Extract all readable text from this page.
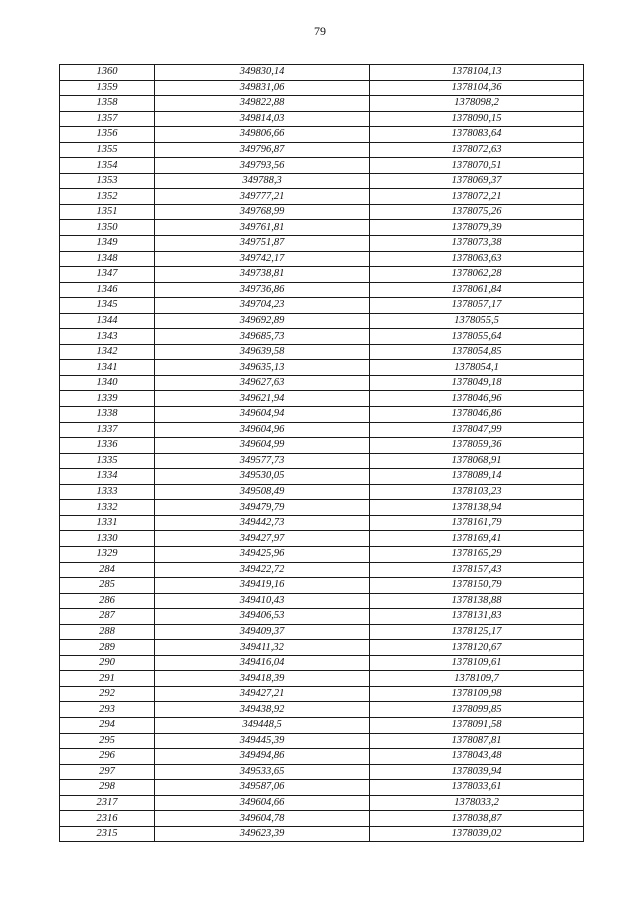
79
1360	349830,14	1378104,13
1359	349831,06	1378104,36
1358	349822,88	1378098,2
1357	349814,03	1378090,15
1356	349806,66	1378083,64
1355	349796,87	1378072,63
1354	349793,56	1378070,51
1353	349788,3	1378069,37
1352	349777,21	1378072,21
1351	349768,99	1378075,26
1350	349761,81	1378079,39
1349	349751,87	1378073,38
1348	349742,17	1378063,63
1347	349738,81	1378062,28
1346	349736,86	1378061,84
1345	349704,23	1378057,17
1344	349692,89	1378055,5
1343	349685,73	1378055,64
1342	349639,58	1378054,85
1341	349635,13	1378054,1
1340	349627,63	1378049,18
1339	349621,94	1378046,96
1338	349604,94	1378046,86
1337	349604,96	1378047,99
1336	349604,99	1378059,36
1335	349577,73	1378068,91
1334	349530,05	1378089,14
1333	349508,49	1378103,23
1332	349479,79	1378138,94
1331	349442,73	1378161,79
1330	349427,97	1378169,41
1329	349425,96	1378165,29
284	349422,72	1378157,43
285	349419,16	1378150,79
286	349410,43	1378138,88
287	349406,53	1378131,83
288	349409,37	1378125,17
289	349411,32	1378120,67
290	349416,04	1378109,61
291	349418,39	1378109,7
292	349427,21	1378109,98
293	349438,92	1378099,85
294	349448,5	1378091,58
295	349445,39	1378087,81
296	349494,86	1378043,48
297	349533,65	1378039,94
298	349587,06	1378033,61
2317	349604,66	1378033,2
2316	349604,78	1378038,87
2315	349623,39	1378039,02
